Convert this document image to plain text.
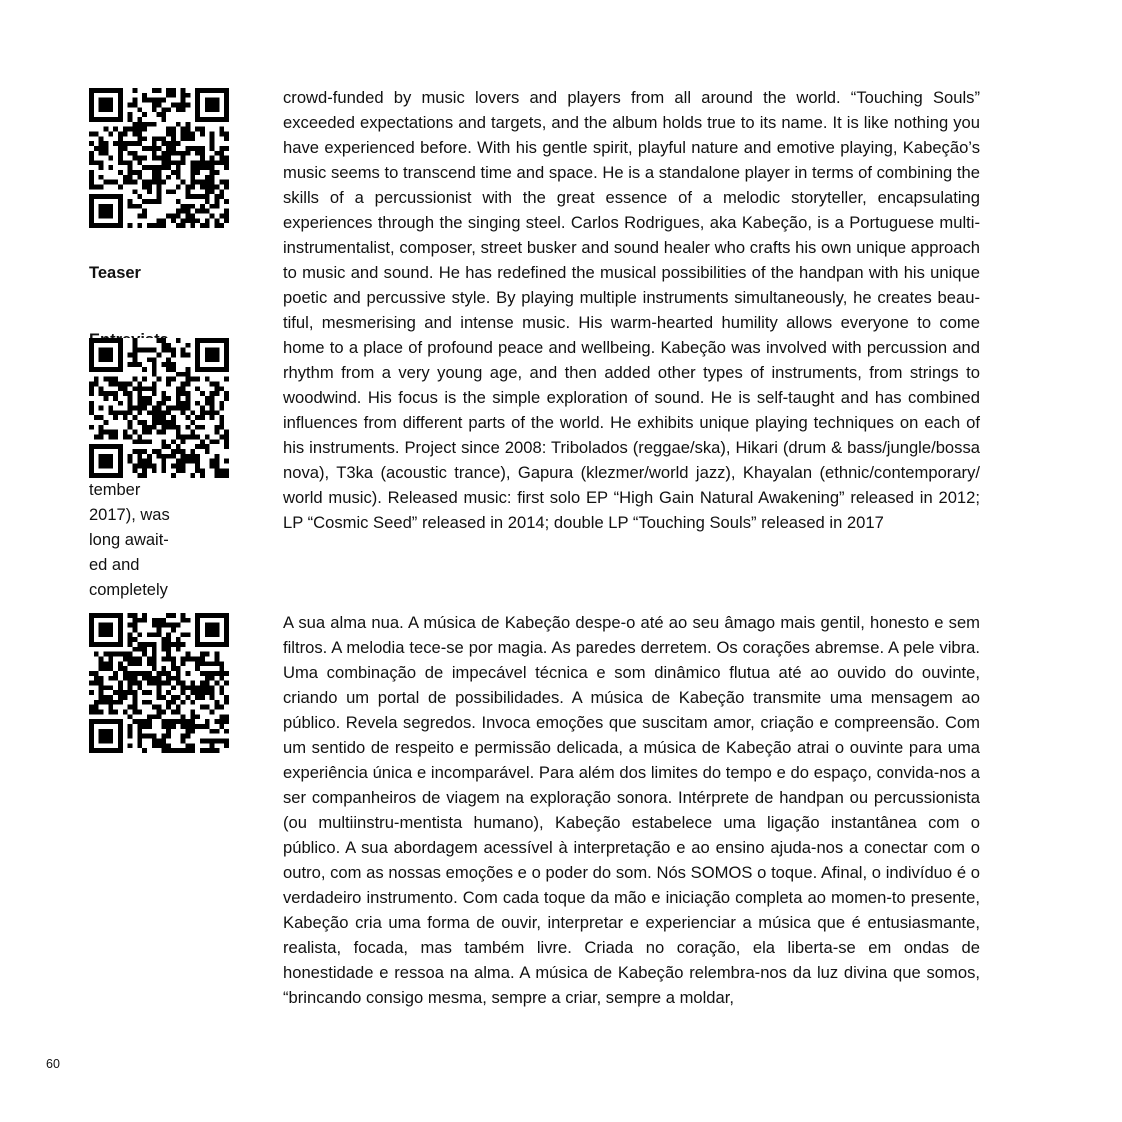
Teaser

tember
2017), was
long await-
ed and
completely

crowd-funded by music lovers and players from all around the world. “Touching Souls” exceeded expectations and targets, and the album holds true to its name. It is like nothing you have experienced before. With his gentle spirit, playful nature and emotive playing, Kabeção’s music seems to transcend time and space. He is a standalone player in terms of combining the skills of a percussionist with the great essence of a melodic storyteller, encapsulating experiences through the singing steel. Carlos Rodrigues, aka Kabeção, is a Portuguese multi-instrumentalist, composer, street busker and sound healer who crafts his own unique approach to music and sound. He has redefined the musical possibilities of the handpan with his unique poetic and percussive style. By playing multiple instruments simultaneously, he creates beau-tiful, mesmerising and intense music. His warm-hearted humility allows everyone to come home to a place of profound peace and wellbeing. Kabeção was involved with percussion and rhythm from a very young age, and then added other types of instruments, from strings to woodwind. His focus is the simple exploration of sound. He is self-taught and has combined influences from different parts of the world. He exhibits unique playing techniques on each of his instruments. Project since 2008: Tribolados (reggae/ska), Hikari (drum & bass/jungle/bossa nova), T3ka (acoustic trance), Gapura (klezmer/world jazz), Khayalan (ethnic/contemporary/ world music). Released music: first solo EP “High Gain Natural Awakening” released in 2012; LP “Cosmic Seed” released in 2014; double LP “Touching Souls” released in 2017

A sua alma nua. A música de Kabeção despe-o até ao seu âmago mais gentil, honesto e sem filtros. A melodia tece-se por magia. As paredes derretem. Os corações abremse. A pele vibra. Uma combinação de impecável técnica e som dinâmico flutua até ao ouvido do ouvinte, criando um portal de possibilidades. A música de Kabeção transmite uma mensagem ao público. Revela segredos. Invoca emoções que suscitam amor, criação e compreensão. Com um sentido de respeito e permissão delicada, a música de Kabeção atrai o ouvinte para uma experiência única e incomparável. Para além dos limites do tempo e do espaço, convida-nos a ser companheiros de viagem na exploração sonora. Intérprete de handpan ou percussionista (ou multiinstru-mentista humano), Kabeção estabelece uma ligação instantânea com o público. A sua abordagem acessível à interpretação e ao ensino ajuda-nos a conectar com o outro, com as nossas emoções e o poder do som. Nós SOMOS o toque. Afinal, o indivíduo é o verdadeiro instrumento. Com cada toque da mão e iniciação completa ao momen-to presente, Kabeção cria uma forma de ouvir, interpretar e experienciar a música que é entusiasmante, realista, focada, mas também livre. Criada no coração, ela liberta-se em ondas de honestidade e ressoa na alma. A música de Kabeção relembra-nos da luz divina que somos, “brincando consigo mesma, sempre a criar, sempre a moldar,

60
